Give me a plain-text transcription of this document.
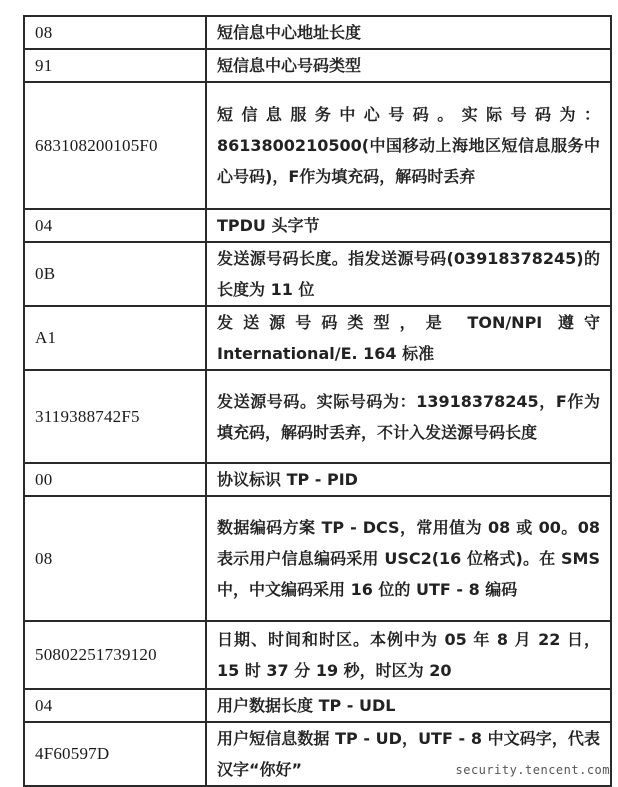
08	短信息中心地址长度
91	短信息中心号码类型
683108200105F0	短信息服务中心号码。实际号码为：8613800210500(中国移动上海地区短信息服务中心号码)，F作为填充码，解码时丢弃
04	TPDU 头字节
0B	发送源号码长度。指发送源号码(03918378245)的长度为 11 位
A1	发送源号码类型，是 TON/NPI 遵守 International/E. 164 标准
3119388742F5	发送源号码。实际号码为：13918378245，F作为填充码，解码时丢弃，不计入发送源号码长度
00	协议标识 TP - PID
08	数据编码方案 TP - DCS，常用值为 08 或 00。08 表示用户信息编码采用 USC2(16 位格式)。在 SMS 中，中文编码采用 16 位的 UTF - 8 编码
50802251739120	日期、时间和时区。本例中为 05 年 8 月 22 日，15 时 37 分 19 秒，时区为 20
04	用户数据长度 TP - UDL
4F60597D	用户短信息数据 TP - UD，UTF - 8 中文码字，代表汉字“你好”	security.tencent.com
